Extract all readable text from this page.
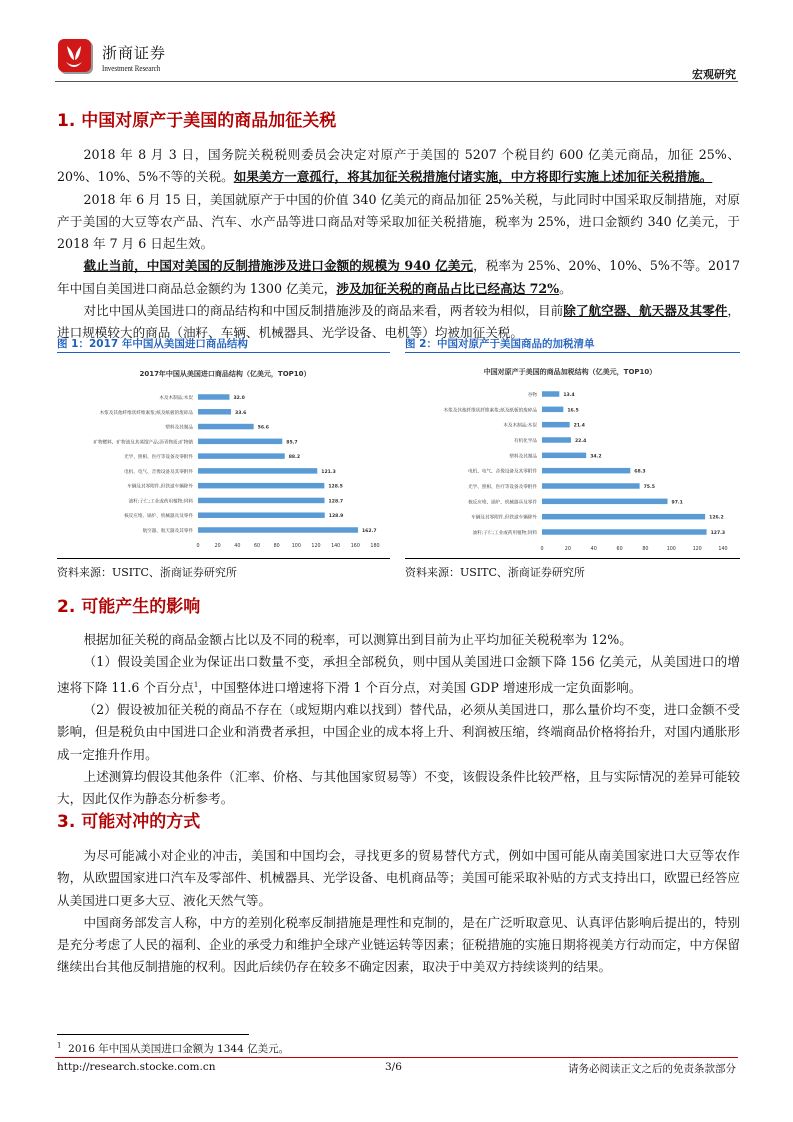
浙商证券
Investment Research	宏观研究
1. 中国对原产于美国的商品加征关税

2018 年 8 月 3 日，国务院关税税则委员会决定对原产于美国的 5207 个税目约 600 亿美元商品，加征 25%、20%、10%、5%不等的关税。如果美方一意孤行，将其加征关税措施付诸实施，中方将即行实施上述加征关税措施。

2018 年 6 月 15 日，美国就原产于中国的价值 340 亿美元的商品加征 25%关税，与此同时中国采取反制措施，对原产于美国的大豆等农产品、汽车、水产品等进口商品对等采取加征关税措施，税率为 25%，进口金额约 340 亿美元，于 2018 年 7 月 6 日起生效。

截止当前，中国对美国的反制措施涉及进口金额的规模为 940 亿美元，税率为 25%、20%、10%、5%不等。2017 年中国自美国进口商品总金额约为 1300 亿美元，涉及加征关税的商品占比已经高达 72%。

对比中国从美国进口的商品结构和中国反制措施涉及的商品来看，两者较为相似，目前除了航空器、航天器及其零件，进口规模较大的商品（油籽、车辆、机械器具、光学设备、电机等）均被加征关税。

图 1：2017 年中国从美国进口商品结构	图 2：中国对原产于美国商品的加税清单
2017年中国从美国进口商品结构（亿美元，TOP10）
木及木制品;木炭	32.0
木浆及其他纤维状纤维素浆;纸及纸板的废碎品	33.6
塑料及其制品	56.6
矿物燃料、矿物油及其蒸馏产品;沥青物质;矿物蜡	85.7
光学、照相、医疗等设备及零附件	88.2
电机、电气、音像设备及其零附件	121.3
车辆及其零附件,但铁道车辆除外	128.5
油籽;子仁;工业或药用植物;饲料	128.7
核反应堆、锅炉、机械器具及零件	128.9
航空器、航天器及其零件	162.7
0	20	40	60	80	100 120 140 160 180
中国对原产于美国的商品加税结构（亿美元，TOP10）
谷物	13.4
木浆及其他纤维状纤维素浆;纸及纸板的废碎品	16.5
木及木制品;木炭	21.4
有机化学品	22.4
塑料及其制品	34.2
电机、电气、音像设备及其零附件	68.3
光学、照相、医疗等设备及零附件	75.5
核反应堆、锅炉、机械器具及零件	97.1
车辆及其零附件,但铁道车辆除外	126.2
油籽;子仁;工业或药用植物;饲料	127.3
0	20	40	60	80	100	120	140
资料来源：USITC、浙商证券研究所	资料来源：USITC、浙商证券研究所
2. 可能产生的影响

根据加征关税的商品金额占比以及不同的税率，可以测算出到目前为止平均加征关税税率为 12%。

（1）假设美国企业为保证出口数量不变，承担全部税负，则中国从美国进口金额下降 156 亿美元，从美国进口的增速将下降 11.6 个百分点$^1$，中国整体进口增速将下滑 1 个百分点，对美国 GDP 增速形成一定负面影响。

（2）假设被加征关税的商品不存在（或短期内难以找到）替代品，必须从美国进口，那么量价均不变，进口金额不受影响，但是税负由中国进口企业和消费者承担，中国企业的成本将上升、利润被压缩，终端商品价格将抬升，对国内通胀形成一定推升作用。

上述测算均假设其他条件（汇率、价格、与其他国家贸易等）不变，该假设条件比较严格，且与实际情况的差异可能较大，因此仅作为静态分析参考。

3. 可能对冲的方式

为尽可能减小对企业的冲击，美国和中国均会，寻找更多的贸易替代方式，例如中国可能从南美国家进口大豆等农作物，从欧盟国家进口汽车及零部件、机械器具、光学设备、电机商品等；美国可能采取补贴的方式支持出口，欧盟已经答应从美国进口更多大豆、液化天然气等。

中国商务部发言人称，中方的差别化税率反制措施是理性和克制的，是在广泛听取意见、认真评估影响后提出的，特别是充分考虑了人民的福利、企业的承受力和维护全球产业链运转等因素；征税措施的实施日期将视美方行动而定，中方保留继续出台其他反制措施的权利。因此后续仍存在较多不确定因素，取决于中美双方持续谈判的结果。

$^1$ 2016 年中国从美国进口金额为 1344 亿美元。
http://research.stocke.com.cn	3/6	请务必阅读正文之后的免责条款部分
